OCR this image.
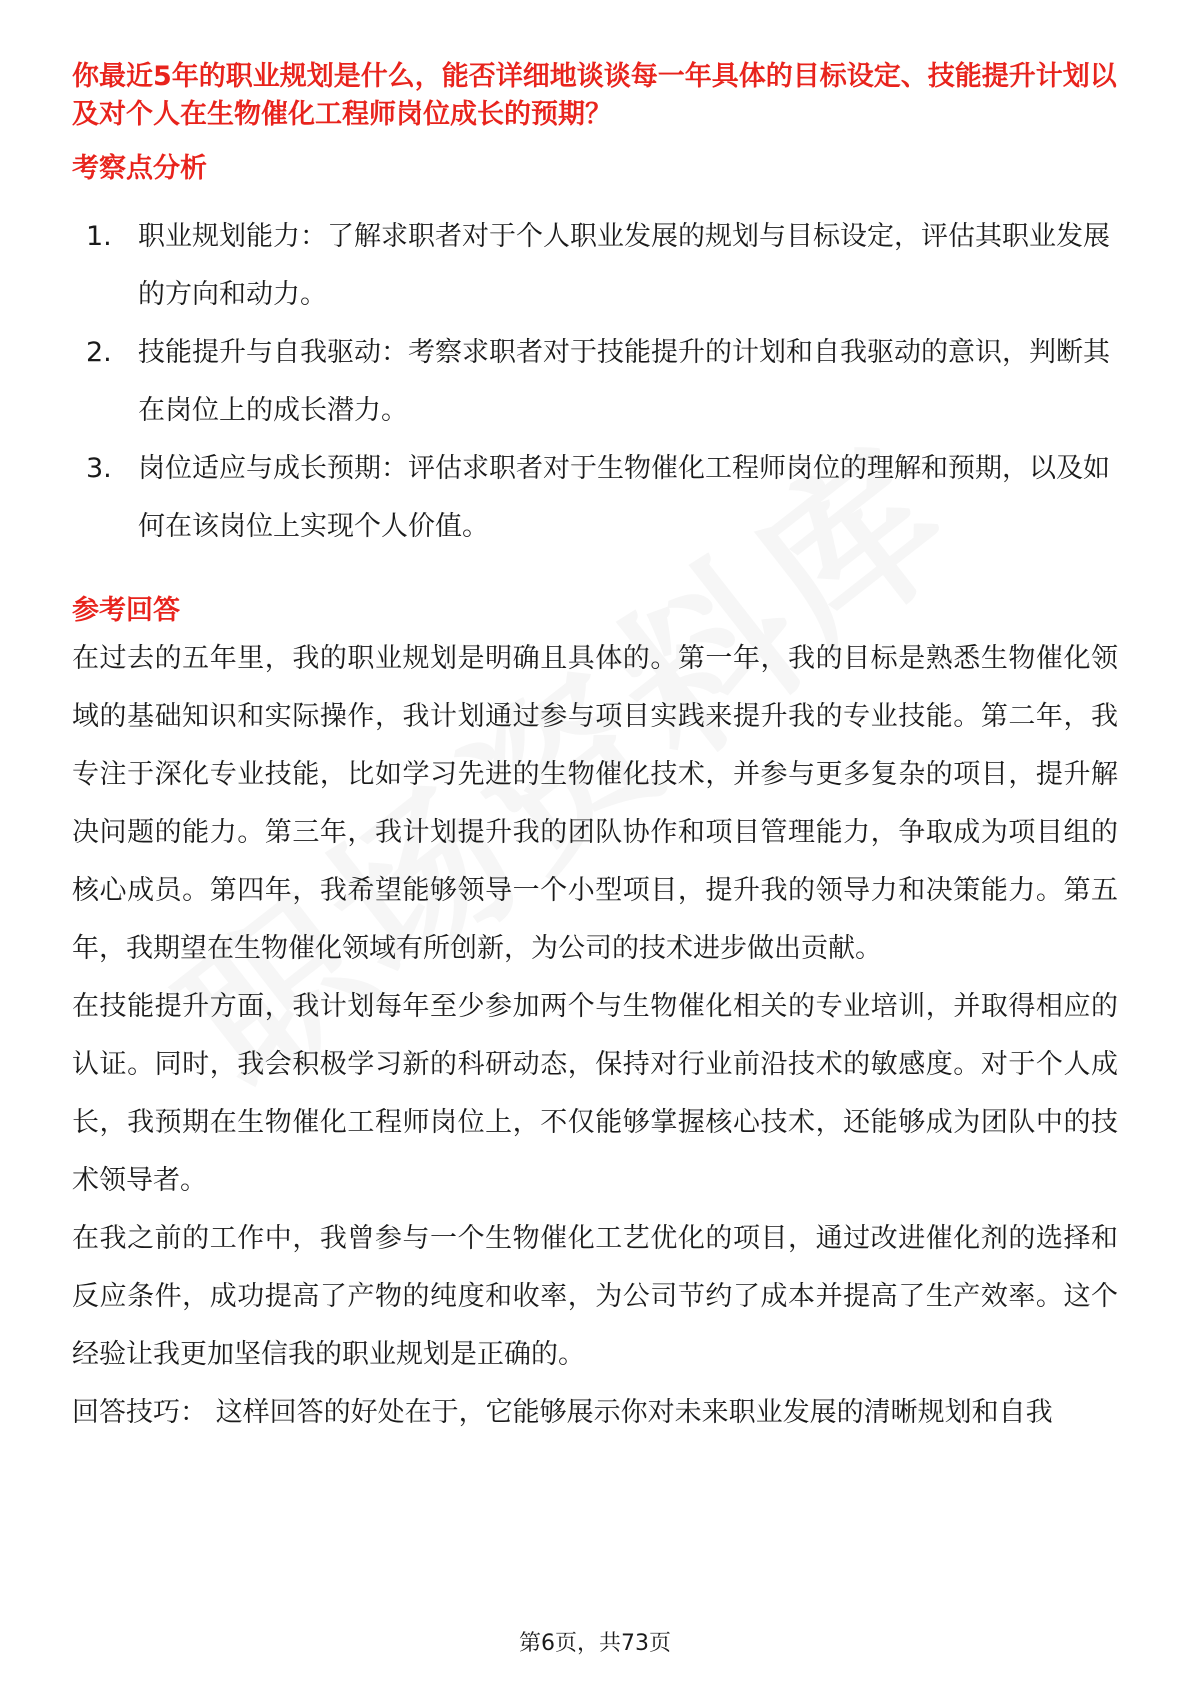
你最近5年的职业规划是什么，能否详细地谈谈每一年具体的目标设定、技能提升计划以及对个人在生物催化工程师岗位成长的预期？
考察点分析
1. 职业规划能力：了解求职者对于个人职业发展的规划与目标设定，评估其职业发展的方向和动力。
2. 技能提升与自我驱动：考察求职者对于技能提升的计划和自我驱动的意识，判断其在岗位上的成长潜力。
3. 岗位适应与成长预期：评估求职者对于生物催化工程师岗位的理解和预期，以及如何在该岗位上实现个人价值。
参考回答

在过去的五年里，我的职业规划是明确且具体的。第一年，我的目标是熟悉生物催化领域的基础知识和实际操作，我计划通过参与项目实践来提升我的专业技能。第二年，我专注于深化专业技能，比如学习先进的生物催化技术，并参与更多复杂的项目，提升解决问题的能力。第三年，我计划提升我的团队协作和项目管理能力，争取成为项目组的核心成员。第四年，我希望能够领导一个小型项目，提升我的领导力和决策能力。第五年，我期望在生物催化领域有所创新，为公司的技术进步做出贡献。

在技能提升方面，我计划每年至少参加两个与生物催化相关的专业培训，并取得相应的认证。同时，我会积极学习新的科研动态，保持对行业前沿技术的敏感度。对于个人成长，我预期在生物催化工程师岗位上，不仅能够掌握核心技术，还能够成为团队中的技术领导者。

在我之前的工作中，我曾参与一个生物催化工艺优化的项目，通过改进催化剂的选择和反应条件，成功提高了产物的纯度和收率，为公司节约了成本并提高了生产效率。这个经验让我更加坚信我的职业规划是正确的。

回答技巧： 这样回答的好处在于，它能够展示你对未来职业发展的清晰规划和自我

第6页，共73页
